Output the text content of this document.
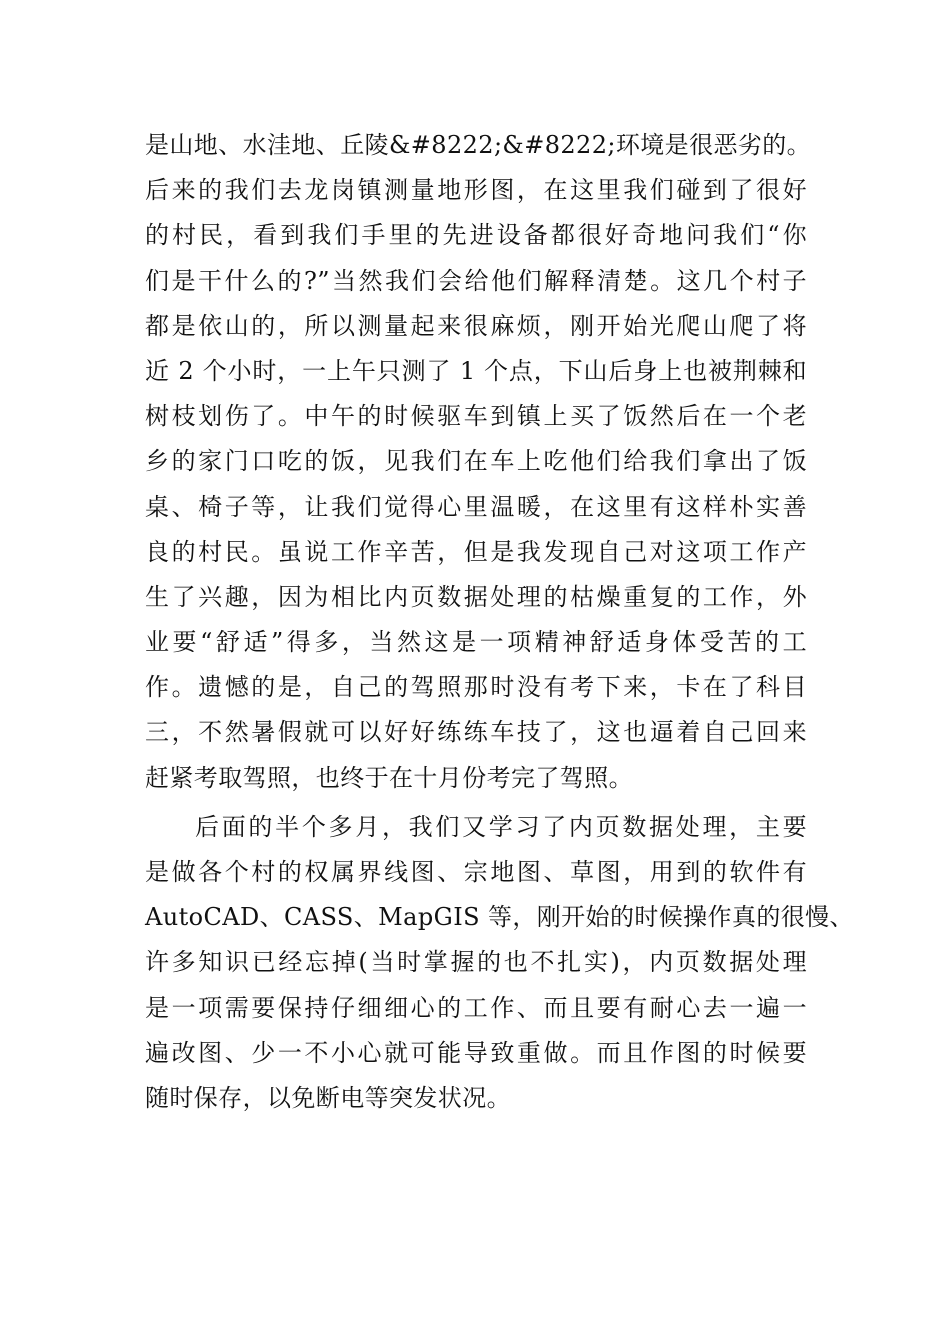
是山地、水洼地、丘陵&#8222;&#8222;环境是很恶劣的。
后来的我们去龙岗镇测量地形图，在这里我们碰到了很好
的村民，看到我们手里的先进设备都很好奇地问我们“你
们是干什么的?”当然我们会给他们解释清楚。这几个村子
都是依山的，所以测量起来很麻烦，刚开始光爬山爬了将
近 2 个小时，一上午只测了 1 个点，下山后身上也被荆棘和
树枝划伤了。中午的时候驱车到镇上买了饭然后在一个老
乡的家门口吃的饭，见我们在车上吃他们给我们拿出了饭
桌、椅子等，让我们觉得心里温暖，在这里有这样朴实善
良的村民。虽说工作辛苦，但是我发现自己对这项工作产
生了兴趣，因为相比内页数据处理的枯燥重复的工作，外
业要“舒适”得多，当然这是一项精神舒适身体受苦的工
作。遗憾的是，自己的驾照那时没有考下来，卡在了科目
三，不然暑假就可以好好练练车技了，这也逼着自己回来
赶紧考取驾照，也终于在十月份考完了驾照。
后面的半个多月，我们又学习了内页数据处理，主要
是做各个村的权属界线图、宗地图、草图，用到的软件有
AutoCAD、CASS、MapGIS 等，刚开始的时候操作真的很慢、
许多知识已经忘掉(当时掌握的也不扎实)，内页数据处理
是一项需要保持仔细细心的工作、而且要有耐心去一遍一
遍改图、少一不小心就可能导致重做。而且作图的时候要
随时保存，以免断电等突发状况。
